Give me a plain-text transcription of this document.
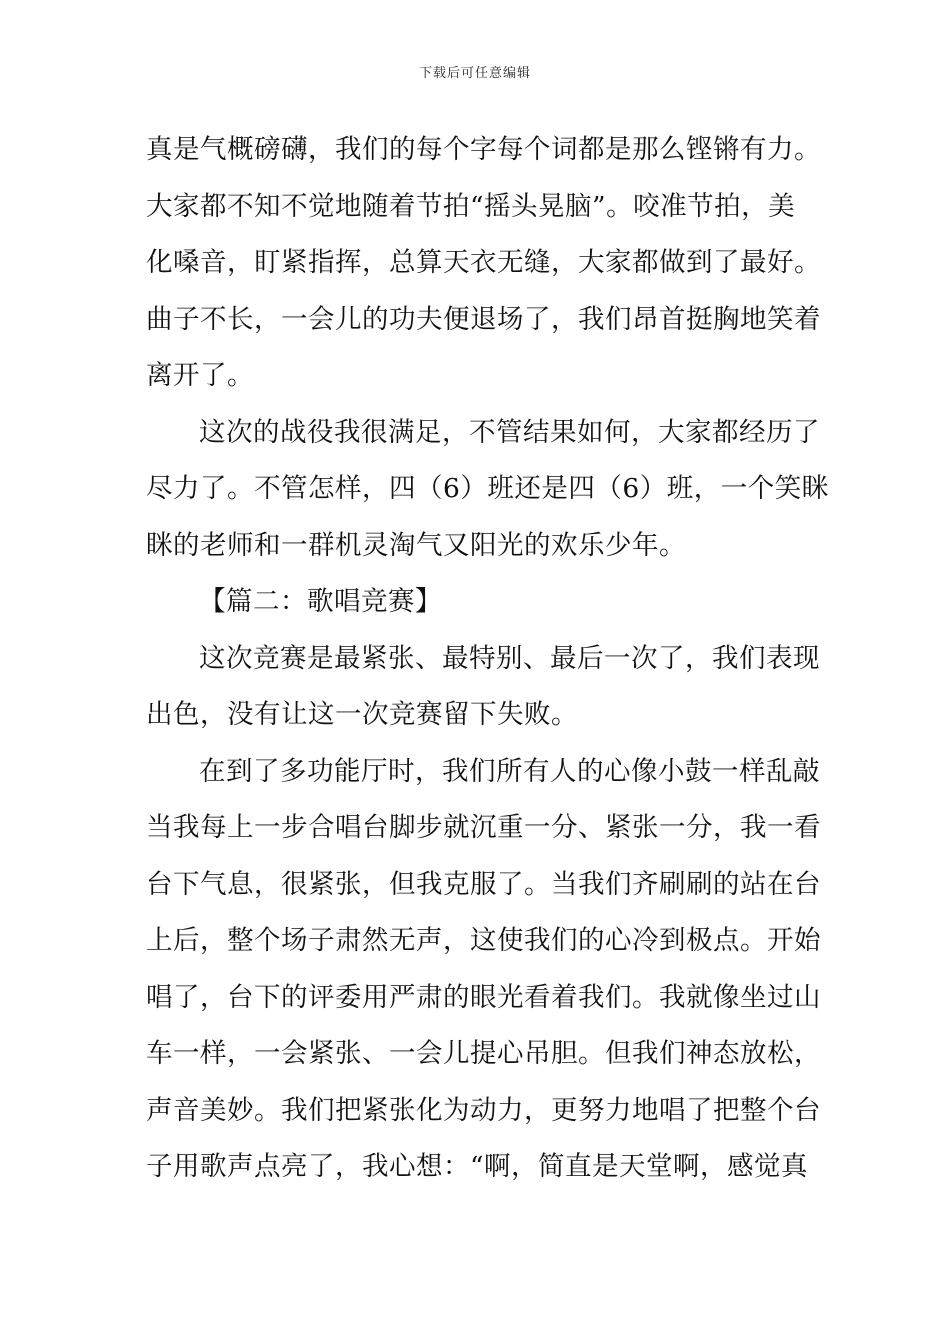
下载后可任意编辑
真是气概磅礴，我们的每个字每个词都是那么铿锵有力。
大家都不知不觉地随着节拍“摇头晃脑”。咬准节拍，美
化嗓音，盯紧指挥，总算天衣无缝，大家都做到了最好。
曲子不长，一会儿的功夫便退场了，我们昂首挺胸地笑着
离开了。
这次的战役我很满足，不管结果如何，大家都经历了
尽力了。不管怎样，四（6）班还是四（6）班，一个笑眯
眯的老师和一群机灵淘气又阳光的欢乐少年。
【篇二：歌唱竞赛】
这次竞赛是最紧张、最特别、最后一次了，我们表现
出色，没有让这一次竞赛留下失败。
在到了多功能厅时，我们所有人的心像小鼓一样乱敲
当我每上一步合唱台脚步就沉重一分、紧张一分，我一看
台下气息，很紧张，但我克服了。当我们齐刷刷的站在台
上后，整个场子肃然无声，这使我们的心冷到极点。开始
唱了，台下的评委用严肃的眼光看着我们。我就像坐过山
车一样，一会紧张、一会儿提心吊胆。但我们神态放松，
声音美妙。我们把紧张化为动力，更努力地唱了把整个台
子用歌声点亮了，我心想：“啊，简直是天堂啊，感觉真
